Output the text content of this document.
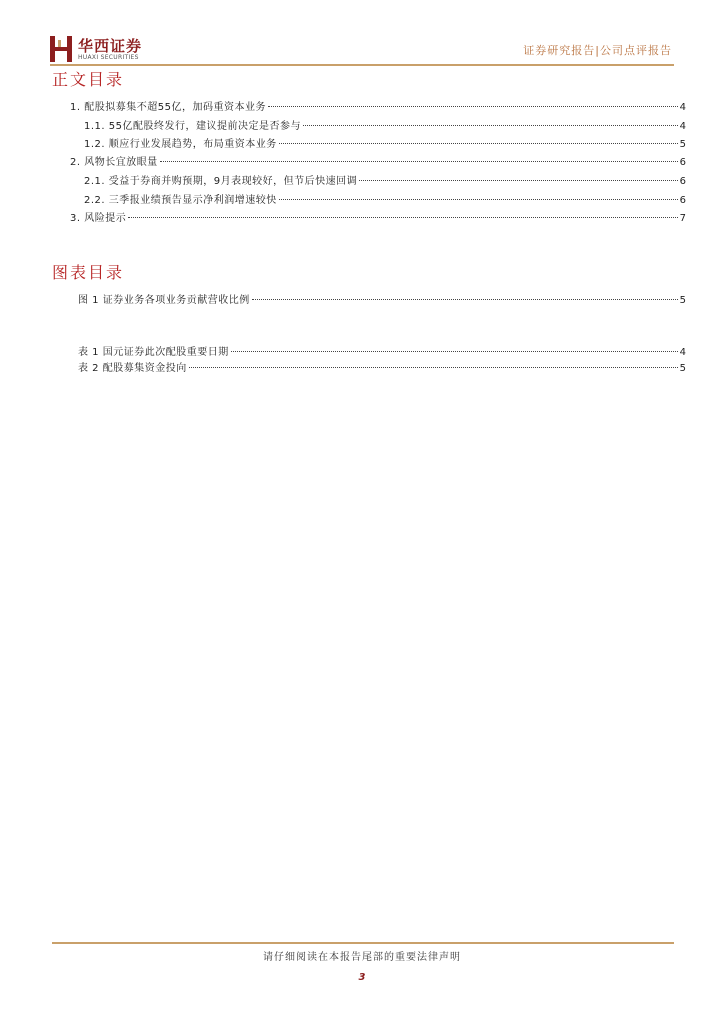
华西证券
HUAXI SECURITIES
证券研究报告|公司点评报告
正文目录
1. 配股拟募集不超55亿，加码重资本业务	4
1.1. 55亿配股终发行，建议提前决定是否参与	4
1.2. 顺应行业发展趋势，布局重资本业务	5
2. 风物长宜放眼量	6
2.1. 受益于券商并购预期，9月表现较好，但节后快速回调	6
2.2. 三季报业绩预告显示净利润增速较快	6
3. 风险提示	7
图表目录
图 1 证券业务各项业务贡献营收比例	5
表 1 国元证券此次配股重要日期	4
表 2 配股募集资金投向	5
请仔细阅读在本报告尾部的重要法律声明
3
